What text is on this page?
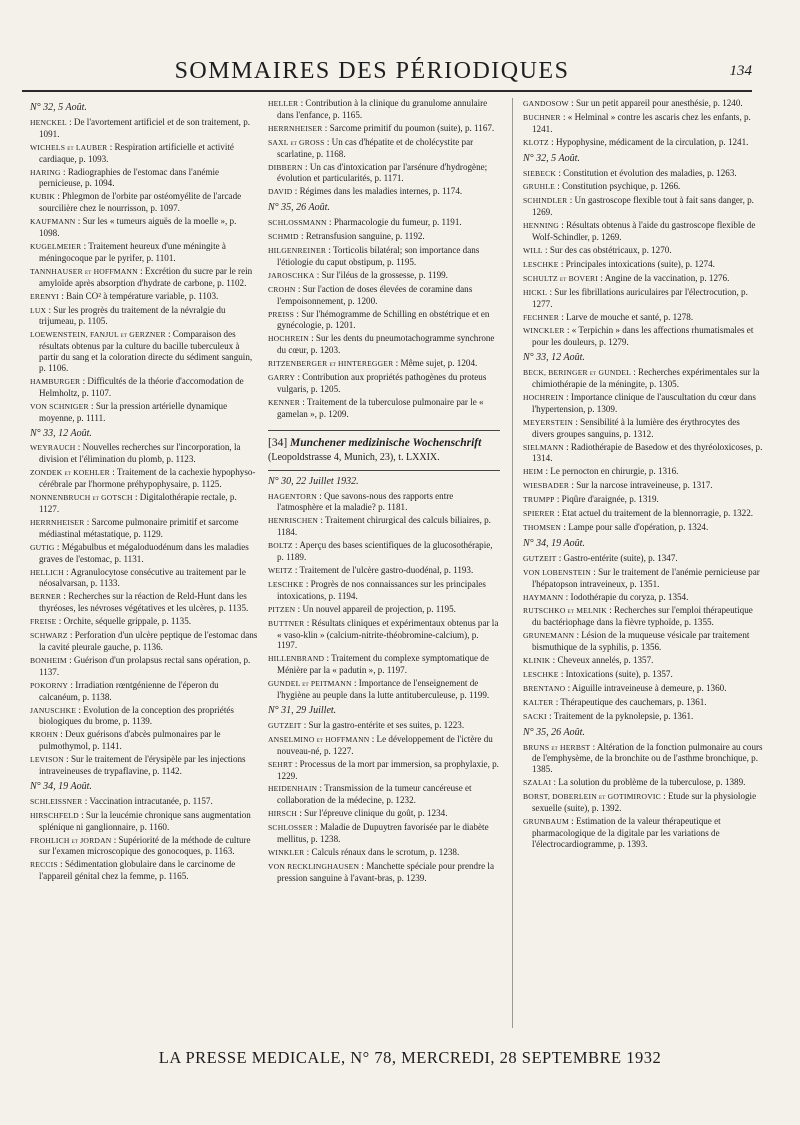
SOMMAIRES DES PÉRIODIQUES	134
N° 32, 5 Août.
HENCKEL : De l'avortement artificiel et de son traitement, p. 1091.
WICHELS et LAUBER : Respiration artificielle et activité cardiaque, p. 1093.
HARING : Radiographies de l'estomac dans l'anémie pernicieuse, p. 1094.
KUBIK : Phlegmon de l'orbite par ostéomyélite de l'arcade sourcilière chez le nourrisson, p. 1097.
KAUFMANN : Sur les « tumeurs aiguës de la moelle », p. 1098.
KUGELMEIER : Traitement heureux d'une méningite à méningocoque par le pyrifer, p. 1101.
TANNHAUSER et HOFFMANN : Excrétion du sucre par le rein amyloïde après absorption d'hydrate de carbone, p. 1102.
ERENYI : Bain CO² à température variable, p. 1103.
LUX : Sur les progrès du traitement de la névralgie du trijumeau, p. 1105.
LOEWENSTEIN, FANJUL et GERZNER : Comparaison des résultats obtenus par la culture du bacille tuberculeux à partir du sang et la coloration directe du sédiment sanguin, p. 1106.
HAMBURGER : Difficultés de la théorie d'accomodation de Helmholtz, p. 1107.
VON SCHNIGER : Sur la pression artérielle dynamique moyenne, p. 1111.
N° 33, 12 Août.
WEYRAUCH : Nouvelles recherches sur l'incorporation, la division et l'élimination du plomb, p. 1123.
ZONDEK et KOEHLER : Traitement de la cachexie hypophyso-cérébrale par l'hormone préhypophysaire, p. 1125.
NONNENBRUCH et GOTSCH : Digitalothérapie rectale, p. 1127.
HERRNHEISER : Sarcome pulmonaire primitif et sarcome médiastinal métastatique, p. 1129.
GUTIG : Mégabulbus et mégaloduodénum dans les maladies graves de l'estomac, p. 1131.
HELLICH : Agranulocytose consécutive au traitement par le néosalvarsan, p. 1133.
BERNER : Recherches sur la réaction de Reld-Hunt dans les thyréoses, les névroses végétatives et les ulcères, p. 1135.
FREISE : Orchite, séquelle grippale, p. 1135.
SCHWARZ : Perforation d'un ulcère peptique de l'estomac dans la cavité pleurale gauche, p. 1136.
BONHEIM : Guérison d'un prolapsus rectal sans opération, p. 1137.
POKORNY : Irradiation rœntgénienne de l'éperon du calcanéum, p. 1138.
JANUSCHKE : Evolution de la conception des propriétés biologiques du brome, p. 1139.
KROHN : Deux guérisons d'abcès pulmonaires par le pulmothymol, p. 1141.
LEVISON : Sur le traitement de l'érysipèle par les injections intraveineuses de trypaflavine, p. 1142.
N° 34, 19 Août.
SCHLEISSNER : Vaccination intracutanée, p. 1157.
HIRSCHFELD : Sur la leucémie chronique sans augmentation splénique ni ganglionnaire, p. 1160.
FROHLICH et JORDAN : Supériorité de la méthode de culture sur l'examen microscopique des gonocoques, p. 1163.
RECCIS : Sédimentation globulaire dans le carcinome de l'appareil génital chez la femme, p. 1165.
HELLER : Contribution à la clinique du granulome annulaire dans l'enfance, p. 1165.
HERRNHEISER : Sarcome primitif du poumon (suite), p. 1167.
SAXL et GROSS : Un cas d'hépatite et de cholécystite par scarlatine, p. 1168.
DIBBERN : Un cas d'intoxication par l'arsénure d'hydrogène; évolution et particularités, p. 1171.
DAVID : Régimes dans les maladies internes, p. 1174.
N° 35, 26 Août.
SCHLOSSMANN : Pharmacologie du fumeur, p. 1191.
SCHMID : Retransfusion sanguine, p. 1192.
HILGENREINER : Torticolis bilatéral; son importance dans l'étiologie du caput obstipum, p. 1195.
JAROSCHKA : Sur l'iléus de la grossesse, p. 1199.
CROHN : Sur l'action de doses élevées de coramine dans l'empoisonnement, p. 1200.
PREISS : Sur l'hémogramme de Schilling en obstétrique et en gynécologie, p. 1201.
HOCHREIN : Sur les dents du pneumotachogramme synchrone du cœur, p. 1203.
RITZENBERGER et HINTEREGGER : Même sujet, p. 1204.
GARRY : Contribution aux propriétés pathogènes du proteus vulgaris, p. 1205.
KENNER : Traitement de la tuberculose pulmonaire par le « gamelan », p. 1209.
[34] Munchener medizinische Wochenschrift (Leopoldstrasse 4, Munich, 23), t. LXXIX.
N° 30, 22 Juillet 1932.
HAGENTORN : Que savons-nous des rapports entre l'atmosphère et la maladie? p. 1181.
HENRISCHEN : Traitement chirurgical des calculs biliaires, p. 1184.
BOLTZ : Aperçu des bases scientifiques de la glucosothérapie, p. 1189.
WEITZ : Traitement de l'ulcère gastro-duodénal, p. 1193.
LESCHKE : Progrès de nos connaissances sur les principales intoxications, p. 1194.
PITZEN : Un nouvel appareil de projection, p. 1195.
BUTTNER : Résultats cliniques et expérimentaux obtenus par la « vaso-klin » (calcium-nitrite-théobromine-calcium), p. 1197.
HILLENBRAND : Traitement du complexe symptomatique de Ménière par la « padutin », p. 1197.
GUNDEL et PEITMANN : Importance de l'enseignement de l'hygiène au peuple dans la lutte antituberculeuse, p. 1199.
N° 31, 29 Juillet.
GUTZEIT : Sur la gastro-entérite et ses suites, p. 1223.
ANSELMINO et HOFFMANN : Le développement de l'ictère du nouveau-né, p. 1227.
SEHRT : Processus de la mort par immersion, sa prophylaxie, p. 1229.
HEIDENHAIN : Transmission de la tumeur cancéreuse et collaboration de la médecine, p. 1232.
HIRSCH : Sur l'épreuve clinique du goût, p. 1234.
SCHLOSSER : Maladie de Dupuytren favorisée par le diabète mellitus, p. 1238.
WINKLER : Calculs rénaux dans le scrotum, p. 1238.
VON RECKLINGHAUSEN : Manchette spéciale pour prendre la pression sanguine à l'avant-bras, p. 1239.
GANDOSOW : Sur un petit appareil pour anesthésie, p. 1240.
BUCHNER : « Helminal » contre les ascaris chez les enfants, p. 1241.
KLOTZ : Hypophysine, médicament de la circulation, p. 1241.
N° 32, 5 Août.
SIEBECK : Constitution et évolution des maladies, p. 1263.
GRUHLE : Constitution psychique, p. 1266.
SCHINDLER : Un gastroscope flexible tout à fait sans danger, p. 1269.
HENNING : Résultats obtenus à l'aide du gastroscope flexible de Wolf-Schindler, p. 1269.
WILL : Sur des cas obstétricaux, p. 1270.
LESCHKE : Principales intoxications (suite), p. 1274.
SCHULTZ et BOVERI : Angine de la vaccination, p. 1276.
HICKL : Sur les fibrillations auriculaires par l'électrocution, p. 1277.
FECHNER : Larve de mouche et santé, p. 1278.
WINCKLER : « Terpichin » dans les affections rhumatismales et pour les douleurs, p. 1279.
N° 33, 12 Août.
BECK, BERINGER et GUNDEL : Recherches expérimentales sur la chimiothérapie de la méningite, p. 1305.
HOCHREIN : Importance clinique de l'auscultation du cœur dans l'hypertension, p. 1309.
MEYERSTEIN : Sensibilité à la lumière des érythrocytes des divers groupes sanguins, p. 1312.
SIELMANN : Radiothérapie de Basedow et des thyréoloxicoses, p. 1314.
HEIM : Le pernocton en chirurgie, p. 1316.
WIESBADER : Sur la narcose intraveineuse, p. 1317.
TRUMPP : Piqûre d'araignée, p. 1319.
SPIERER : Etat actuel du traitement de la blennorragie, p. 1322.
THOMSEN : Lampe pour salle d'opération, p. 1324.
N° 34, 19 Août.
GUTZEIT : Gastro-entérite (suite), p. 1347.
VON LOBENSTEIN : Sur le traitement de l'anémie pernicieuse par l'hépatopson intraveineux, p. 1351.
HAYMANN : Iodothérapie du coryza, p. 1354.
RUTSCHKO et MELNIK : Recherches sur l'emploi thérapeutique du bactériophage dans la fièvre typhoïde, p. 1355.
GRUNEMANN : Lésion de la muqueuse vésicale par traitement bismuthique de la syphilis, p. 1356.
KLINIK : Cheveux annelés, p. 1357.
LESCHKE : Intoxications (suite), p. 1357.
BRENTANO : Aiguille intraveineuse à demeure, p. 1360.
KALTER : Thérapeutique des cauchemars, p. 1361.
SACKI : Traitement de la pyknolepsie, p. 1361.
N° 35, 26 Août.
BRUNS et HERBST : Altération de la fonction pulmonaire au cours de l'emphysème, de la bronchite ou de l'asthme bronchique, p. 1385.
SZALAI : La solution du problème de la tuberculose, p. 1389.
BORST, DOBERLEIN et GOTIMIROVIC : Etude sur la physiologie sexuelle (suite), p. 1392.
GRUNBAUM : Estimation de la valeur thérapeutique et pharmacologique de la digitale par les variations de l'électrocardiogramme, p. 1393.
LA PRESSE MEDICALE, N° 78, MERCREDI, 28 SEPTEMBRE 1932
